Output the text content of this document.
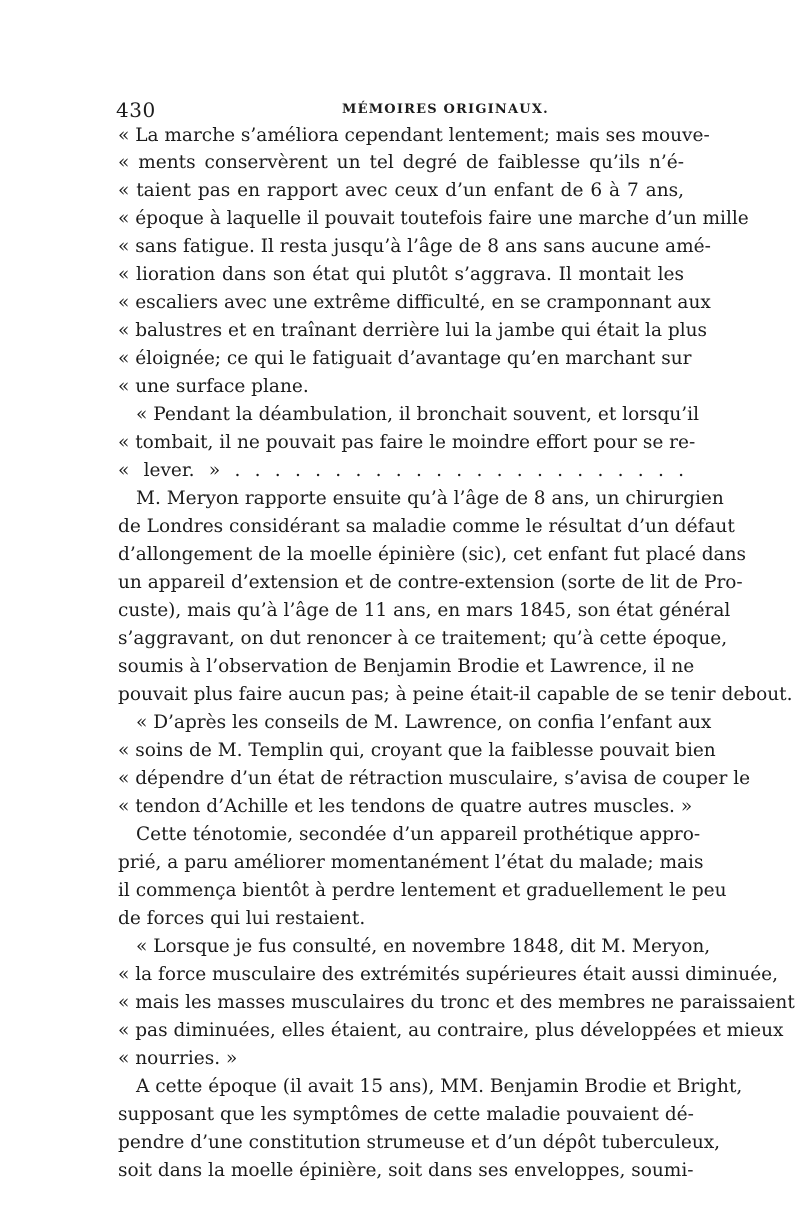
430	MÉMOIRES ORIGINAUX.
« La marche s’améliora cependant lentement; mais ses mouve-
« ments conservèrent un tel degré de faiblesse qu’ils n’é-
« taient pas en rapport avec ceux d’un enfant de 6 à 7 ans,
« époque à laquelle il pouvait toutefois faire une marche d’un mille
« sans fatigue. Il resta jusqu’à l’âge de 8 ans sans aucune amé-
« lioration dans son état qui plutôt s’aggrava. Il montait les
« escaliers avec une extrême difficulté, en se cramponnant aux
« balustres et en traînant derrière lui la jambe qui était la plus
« éloignée; ce qui le fatiguait d’avantage qu’en marchant sur
« une surface plane.
« Pendant la déambulation, il bronchait souvent, et lorsqu’il
« tombait, il ne pouvait pas faire le moindre effort pour se re-
« lever. » . . . . . . . . . . . . . . . . . . . . . . .
M. Meryon rapporte ensuite qu’à l’âge de 8 ans, un chirurgien
de Londres considérant sa maladie comme le résultat d’un défaut
d’allongement de la moelle épinière (sic), cet enfant fut placé dans
un appareil d’extension et de contre-extension (sorte de lit de Pro-
custe), mais qu’à l’âge de 11 ans, en mars 1845, son état général
s’aggravant, on dut renoncer à ce traitement; qu’à cette époque,
soumis à l’observation de Benjamin Brodie et Lawrence, il ne
pouvait plus faire aucun pas; à peine était-il capable de se tenir debout.
« D’après les conseils de M. Lawrence, on confia l’enfant aux
« soins de M. Templin qui, croyant que la faiblesse pouvait bien
« dépendre d’un état de rétraction musculaire, s’avisa de couper le
« tendon d’Achille et les tendons de quatre autres muscles. »
Cette ténotomie, secondée d’un appareil prothétique appro-
prié, a paru améliorer momentanément l’état du malade; mais
il commença bientôt à perdre lentement et graduellement le peu
de forces qui lui restaient.
« Lorsque je fus consulté, en novembre 1848, dit M. Meryon,
« la force musculaire des extrémités supérieures était aussi diminuée,
« mais les masses musculaires du tronc et des membres ne paraissaient
« pas diminuées, elles étaient, au contraire, plus développées et mieux
« nourries. »
A cette époque (il avait 15 ans), MM. Benjamin Brodie et Bright,
supposant que les symptômes de cette maladie pouvaient dé-
pendre d’une constitution strumeuse et d’un dépôt tuberculeux,
soit dans la moelle épinière, soit dans ses enveloppes, soumi-
